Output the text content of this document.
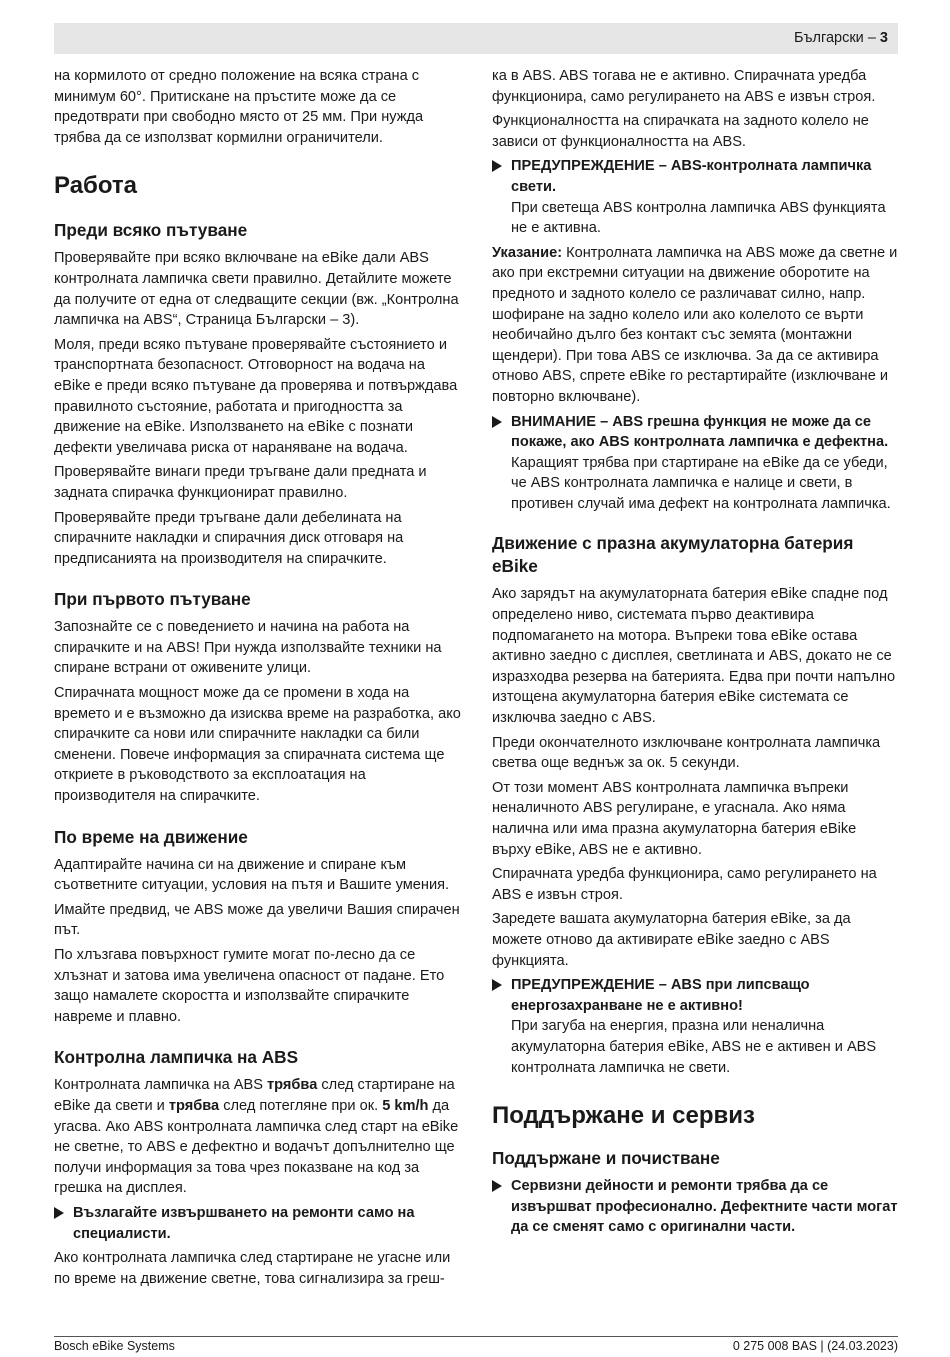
Български – 3

на кормилото от средно положение на всяка страна с минимум 60°. Притискане на пръстите може да се предотврати при свободно място от 25 мм. При нужда трябва да се използват кормилни ограничители.

Работа
Преди всяко пътуване

Проверявайте при всяко включване на eBike дали ABS контролната лампичка свети правилно. Детайлите можете да получите от една от следващите секции (вж. „Контролна лампичка на ABS“, Страница Български – 3).

Моля, преди всяко пътуване проверявайте състоянието и транспортната безопасност. Отговорност на водача на eBike е преди всяко пътуване да проверява и потвърждава правилното състояние, работата и пригодността за движение на eBike. Използването на eBike с познати дефекти увеличава риска от нараняване на водача.

Проверявайте винаги преди тръгване дали предната и задната спирачка функционират правилно.

Проверявайте преди тръгване дали дебелината на спирачните накладки и спирачния диск отговаря на предписанията на производителя на спирачките.

При първото пътуване

Запознайте се с поведението и начина на работа на спирачките и на ABS! При нужда използвайте техники на спиране встрани от оживените улици.

Спирачната мощност може да се промени в хода на времето и е възможно да изисква време на разработка, ако спирачките са нови или спирачните накладки са били сменени. Повече информация за спирачната система ще откриете в ръководството за експлоатация на производителя на спирачките.

По време на движение

Адаптирайте начина си на движение и спиране към съответните ситуации, условия на пътя и Вашите умения.

Имайте предвид, че ABS може да увеличи Вашия спирачен път.

По хлъзгава повърхност гумите могат по-лесно да се хлъзнат и затова има увеличена опасност от падане. Ето защо намалете скоростта и използвайте спирачките навреме и плавно.

Контролна лампичка на ABS

Контролната лампичка на ABS трябва след стартиране на eBike да свети и трябва след потегляне при ок. 5 km/h да угасва. Ако ABS контролната лампичка след старт на eBike не светне, то ABS е дефектно и водачът допълнително ще получи информация за това чрез показване на код за грешка на дисплея.

Възлагайте извършването на ремонти само на специалисти.

Ако контролната лампичка след стартиране не угасне или по време на движение светне, това сигнализира за греш-

ка в ABS. ABS тогава не е активно. Спирачната уредба функционира, само регулирането на ABS е извън строя.

Функционалността на спирачката на задното колело не зависи от функционалността на ABS.

ПРЕДУПРЕЖДЕНИЕ – ABS-контролната лампичка свети.
При светеща ABS контролна лампичка ABS функцията не е активна.

Указание: Контролната лампичка на ABS може да светне и ако при екстремни ситуации на движение оборотите на предното и задното колело се различават силно, напр. шофиране на задно колело или ако колелото се върти необичайно дълго без контакт със земята (монтажни щендери). При това ABS се изключва. За да се активира отново ABS, спрете eBike го рестартирайте (изключване и повторно включване).

ВНИМАНИЕ – ABS грешна функция не може да се покаже, ако ABS контролната лампичка е дефектна.
Каращият трябва при стартиране на eBike да се убеди, че ABS контролната лампичка е налице и свети, в противен случай има дефект на контролната лампичка.
Движение с празна акумулаторна батерия eBike

Ако зарядът на акумулаторната батерия eBike спадне под определено ниво, системата първо деактивира подпомагането на мотора. Въпреки това eBike остава активно заедно с дисплея, светлината и ABS, докато не се изразходва резерва на батерията. Едва при почти напълно изтощена акумулаторна батерия eBike системата се изключва заедно с ABS.

Преди окончателното изключване контролната лампичка светва още веднъж за ок. 5 секунди.

От този момент ABS контролната лампичка въпреки неналичното ABS регулиране, е угаснала. Ако няма налична или има празна акумулаторна батерия eBike върху eBike, ABS не е активно.

Спирачната уредба функционира, само регулирането на ABS е извън строя.

Заредете вашата акумулаторна батерия eBike, за да можете отново да активирате eBike заедно с ABS функцията.

ПРЕДУПРЕЖДЕНИЕ – ABS при липсващо енергозахранване не е активно!
При загуба на енергия, празна или неналична акумулаторна батерия eBike, ABS не е активен и ABS контролната лампичка не свети.
Поддържане и сервиз
Поддържане и почистване
Сервизни дейности и ремонти трябва да се извършват професионално. Дефектните части могат да се сменят само с оригинални части.
Bosch eBike Systems	0 275 008 BAS | (24.03.2023)
